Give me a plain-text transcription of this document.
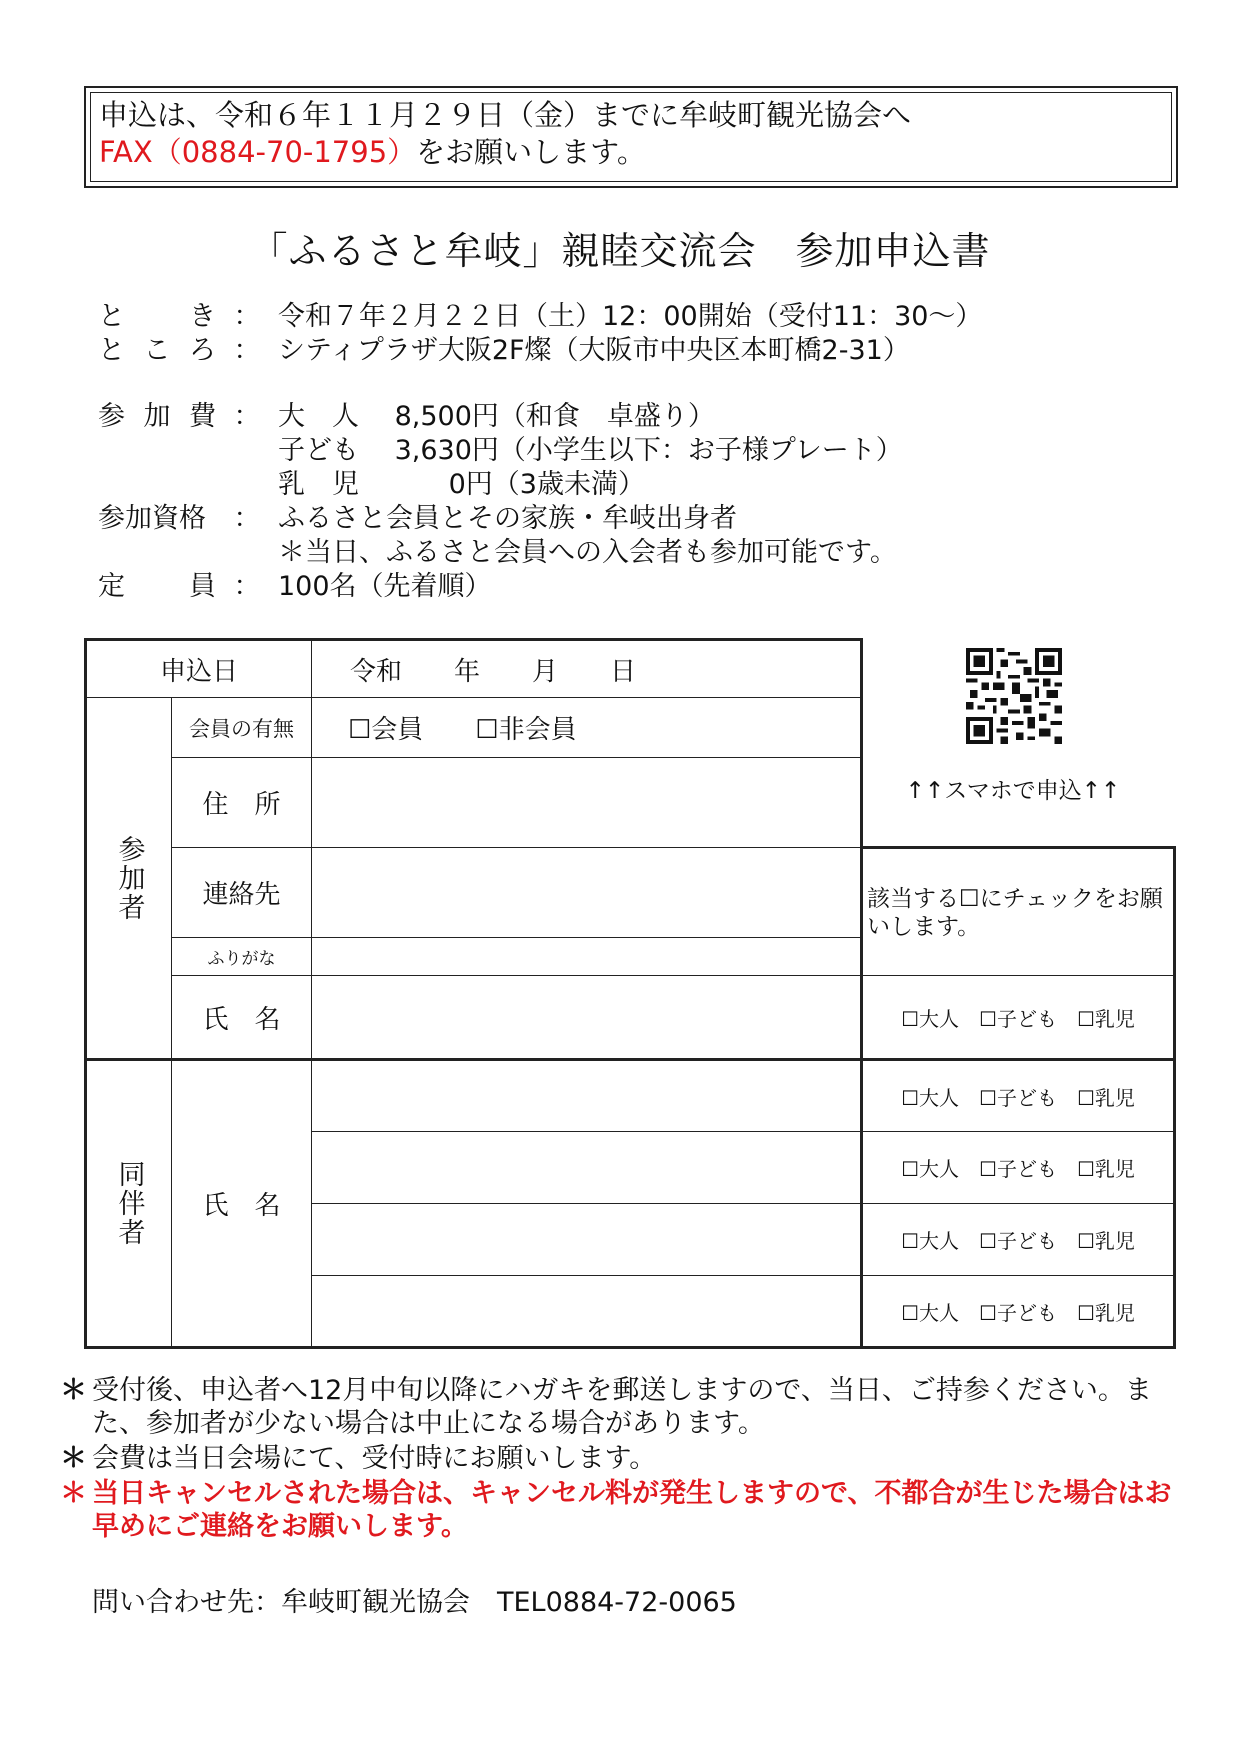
申込は、令和６年１１月２９日（金）までに牟岐町観光協会へ
FAX（0884-70-1795）をお願いします。
「ふるさと牟岐」親睦交流会　参加申込書
と き ： 令和７年２月２２日（土）12：00開始（受付11：30～）
と こ ろ ： シティプラザ大阪2F燦（大阪市中央区本町橋2-31）
参 加 費 ： 大　人　 8,500円（和食　卓盛り）
子ども　 3,630円（小学生以下：お子様プレート）
乳　児　　　 0円（3歳未満）
参加資格	： ふるさと会員とその家族・牟岐出身者
＊当日、ふるさと会員への入会者も参加可能です。
定 員 ： 100名（先着順）
↑↑スマホで申込↑↑
申込日		令和　　年　　月　　日	

参加者	会員の有無	☐会員　　☐非会員	
	住　所		
	連絡先		該当する☐にチェックをお願いします。
	ふりがな		
	氏　名		☐大人 ☐子ども ☐乳児

同伴者	氏　名		☐大人 ☐子ども ☐乳児
			☐大人 ☐子ども ☐乳児
			☐大人 ☐子ども ☐乳児
			☐大人 ☐子ども ☐乳児
＊ 受付後、申込者へ12月中旬以降にハガキを郵送しますので、当日、ご持参ください。また、参加者が少ない場合は中止になる場合があります。
＊ 会費は当日会場にて、受付時にお願いします。
＊ 当日キャンセルされた場合は、キャンセル料が発生しますので、不都合が生じた場合はお早めにご連絡をお願いします。
問い合わせ先：牟岐町観光協会　TEL0884-72-0065
